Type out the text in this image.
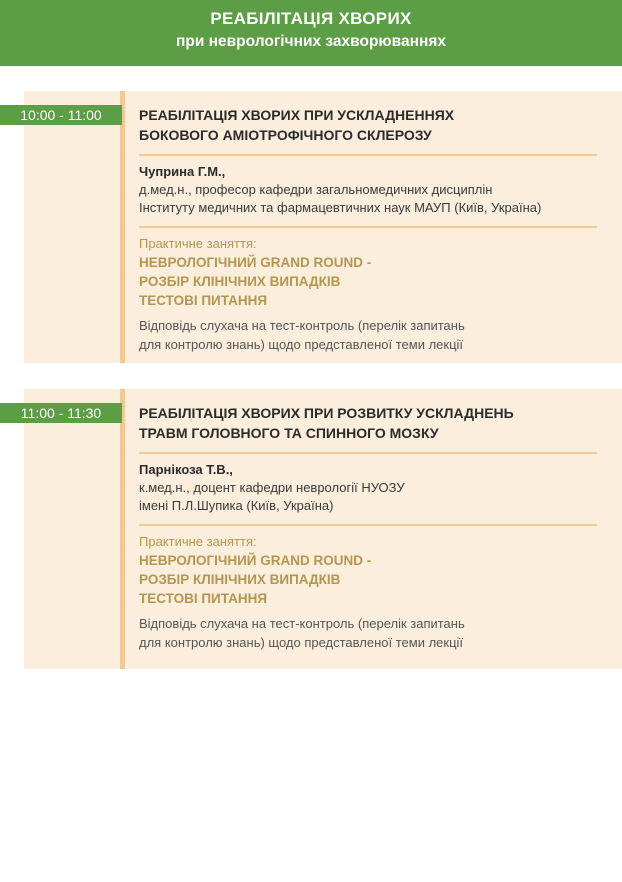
РЕАБІЛІТАЦІЯ ХВОРИХ
при неврологічних захворюваннях
10:00 - 11:00	РЕАБІЛІТАЦІЯ ХВОРИХ ПРИ УСКЛАДНЕННЯХ
БОКОВОГО АМІОТРОФІЧНОГО СКЛЕРОЗУ
Чуприна Г.М.,
д.мед.н., професор кафедри загальномедичних дисциплін
Інституту медичних та фармацевтичних наук МАУП (Київ, Україна)
Практичне заняття:
НЕВРОЛОГІЧНИЙ GRAND ROUND -
РОЗБІР КЛІНІЧНИХ ВИПАДКІВ
ТЕСТОВІ ПИТАННЯ
Відповідь слухача на тест-контроль (перелік запитань
для контролю знань) щодо представленої теми лекції
11:00 - 11:30	РЕАБІЛІТАЦІЯ ХВОРИХ ПРИ РОЗВИТКУ УСКЛАДНЕНЬ
ТРАВМ ГОЛОВНОГО ТА СПИННОГО МОЗКУ
Парнікоза Т.В.,
к.мед.н., доцент кафедри неврології НУОЗУ
імені П.Л.Шупика (Київ, Україна)
Практичне заняття:
НЕВРОЛОГІЧНИЙ GRAND ROUND -
РОЗБІР КЛІНІЧНИХ ВИПАДКІВ
ТЕСТОВІ ПИТАННЯ
Відповідь слухача на тест-контроль (перелік запитань
для контролю знань) щодо представленої теми лекції
